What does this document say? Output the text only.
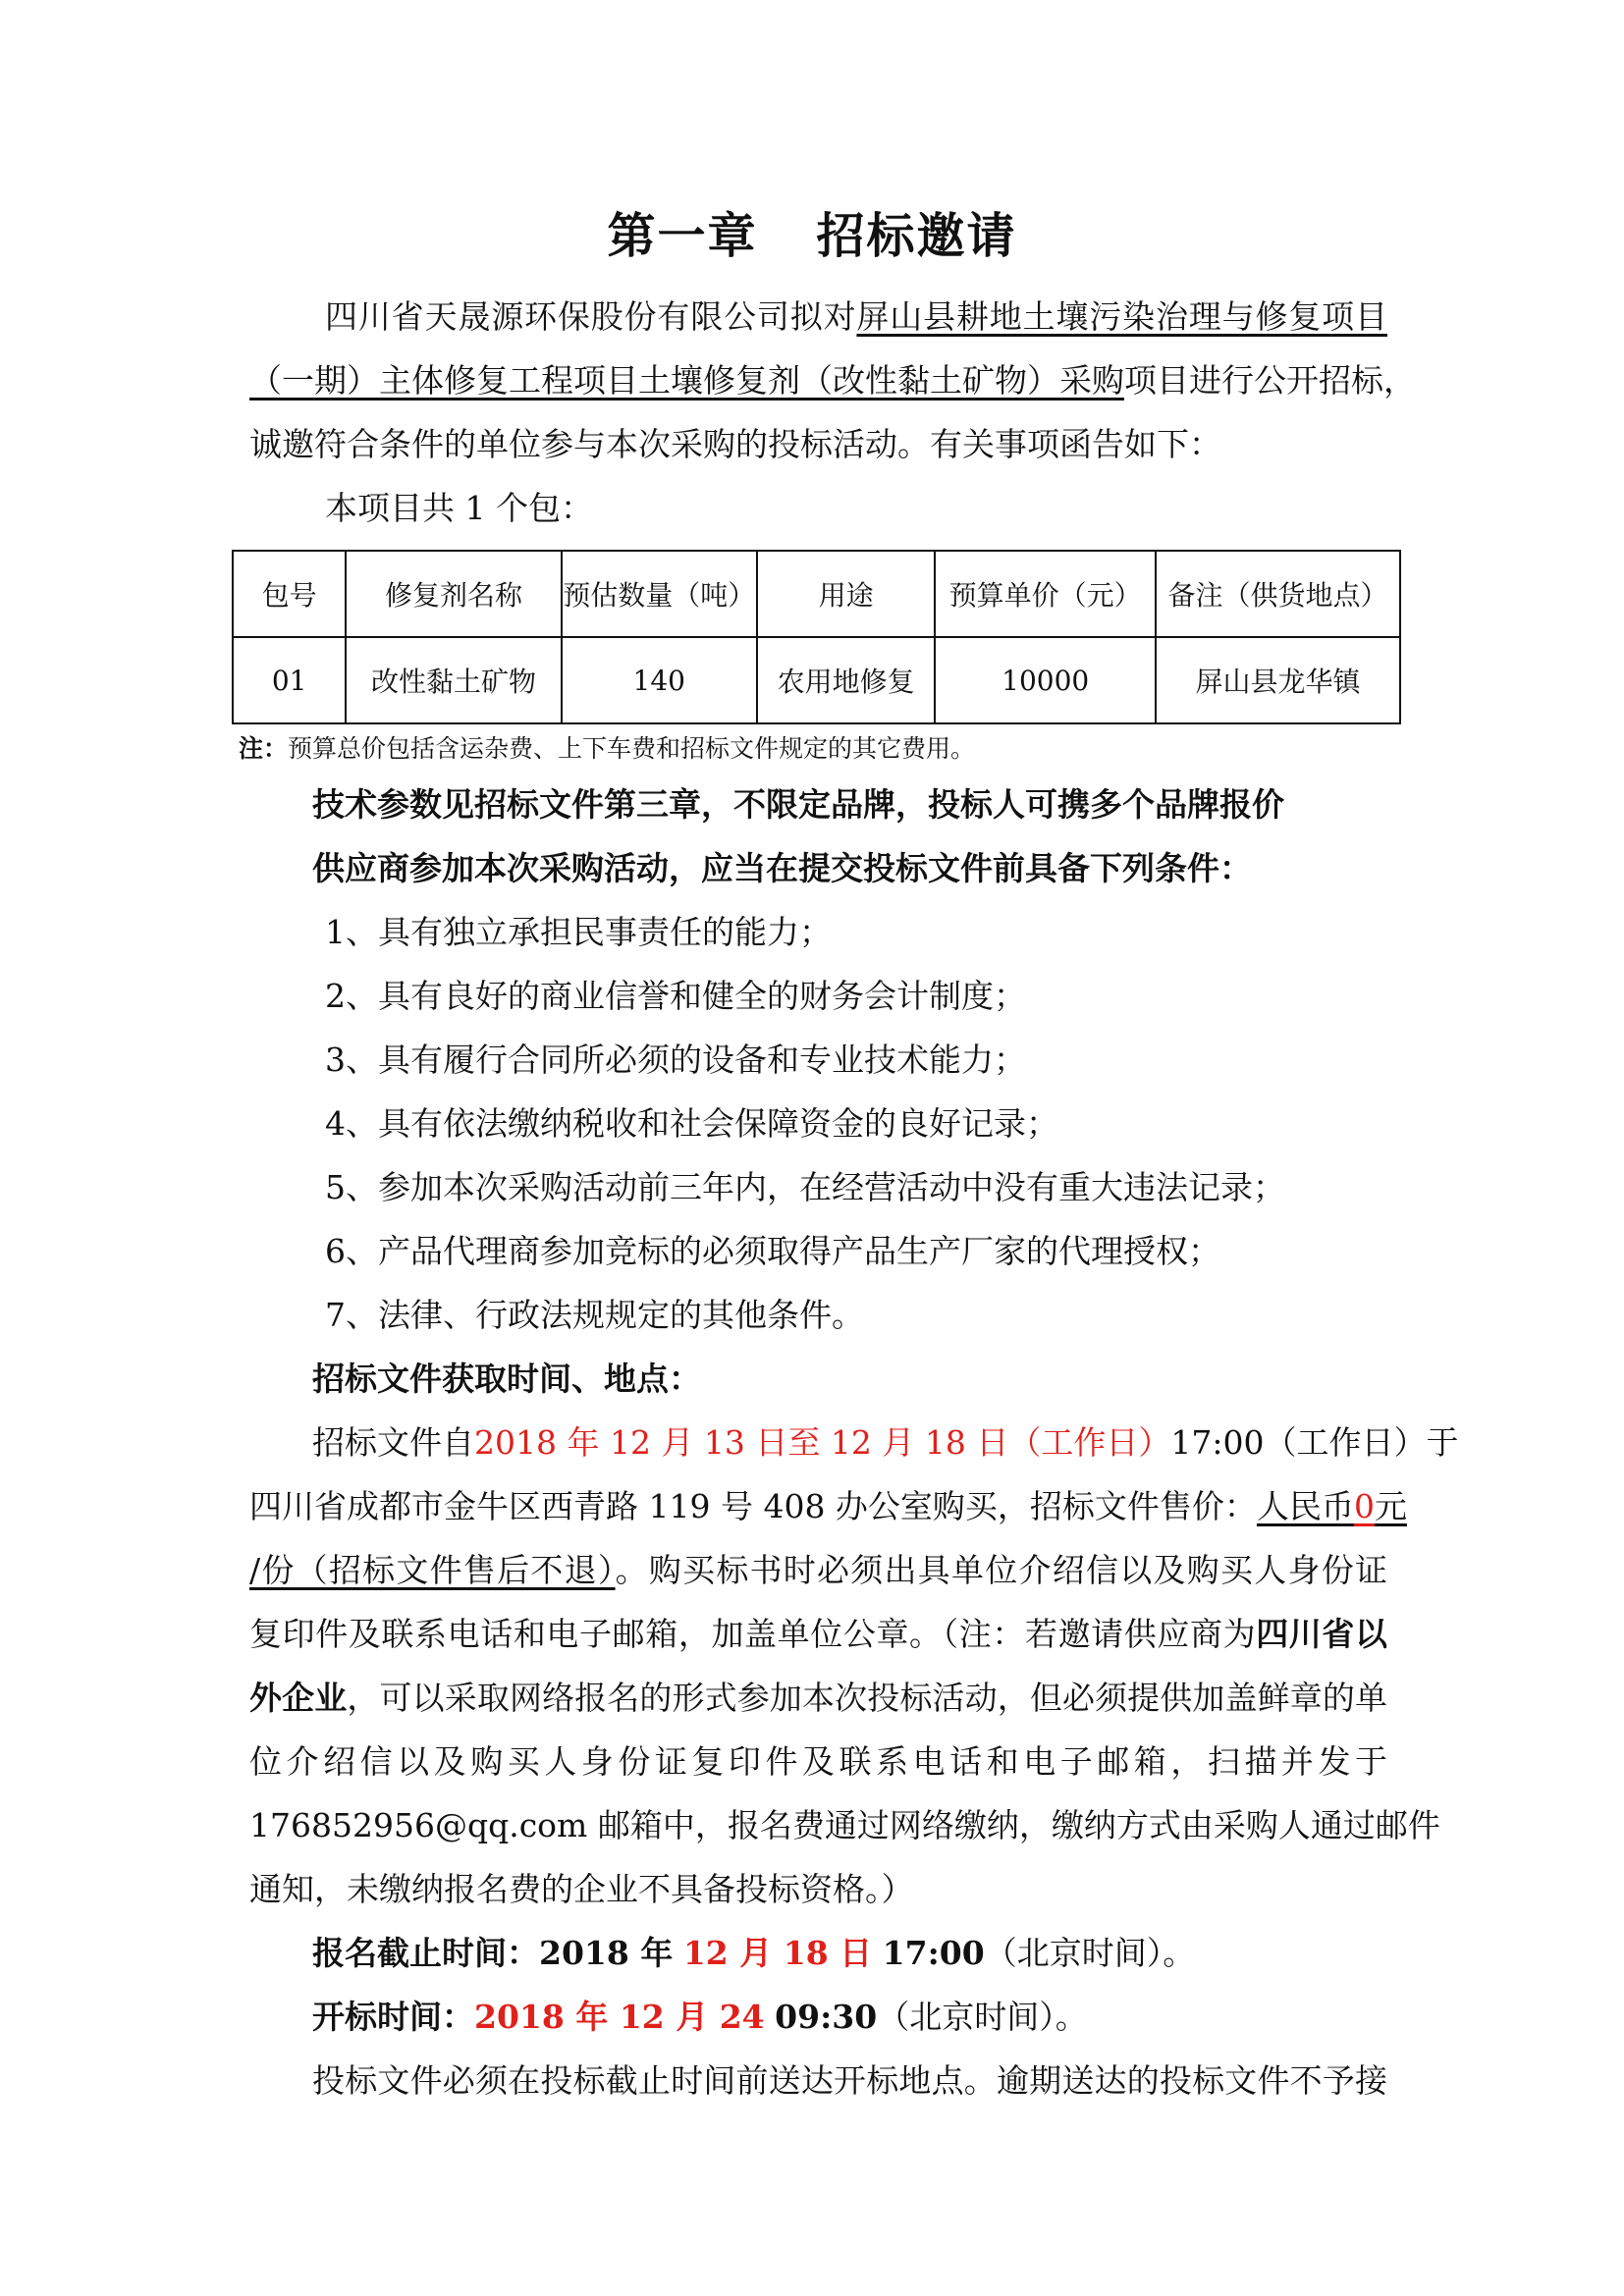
第一章 招标邀请
四川省天晟源环保股份有限公司拟对屏山县耕地土壤污染治理与修复项目
（一期）主体修复工程项目土壤修复剂（改性黏土矿物）采购项目进行公开招标，
诚邀符合条件的单位参与本次采购的投标活动。有关事项函告如下：
本项目共 1 个包：
包号	修复剂名称	预估数量（吨）	用途	预算单价（元）	备注（供货地点）
01	改性黏土矿物	140	农用地修复	10000	屏山县龙华镇
注：预算总价包括含运杂费、上下车费和招标文件规定的其它费用。
技术参数见招标文件第三章，不限定品牌，投标人可携多个品牌报价
供应商参加本次采购活动，应当在提交投标文件前具备下列条件：
1、具有独立承担民事责任的能力；
2、具有良好的商业信誉和健全的财务会计制度；
3、具有履行合同所必须的设备和专业技术能力；
4、具有依法缴纳税收和社会保障资金的良好记录；
5、参加本次采购活动前三年内，在经营活动中没有重大违法记录；
6、产品代理商参加竞标的必须取得产品生产厂家的代理授权；
7、法律、行政法规规定的其他条件。
招标文件获取时间、地点：
招标文件自2018 年 12 月 13 日至 12 月 18 日（工作日）17:00（工作日）于
四川省成都市金牛区西青路 119 号 408 办公室购买，招标文件售价：人民币0元
/份（招标文件售后不退）。购买标书时必须出具单位介绍信以及购买人身份证
复印件及联系电话和电子邮箱，加盖单位公章。（注：若邀请供应商为四川省以
外企业，可以采取网络报名的形式参加本次投标活动，但必须提供加盖鲜章的单
位介绍信以及购买人身份证复印件及联系电话和电子邮箱，扫描并发于
176852956@qq.com 邮箱中，报名费通过网络缴纳，缴纳方式由采购人通过邮件
通知，未缴纳报名费的企业不具备投标资格。）
报名截止时间：2018 年 12 月 18 日 17:00（北京时间）。
开标时间：2018 年 12 月 24 09:30（北京时间）。
投标文件必须在投标截止时间前送达开标地点。逾期送达的投标文件不予接
